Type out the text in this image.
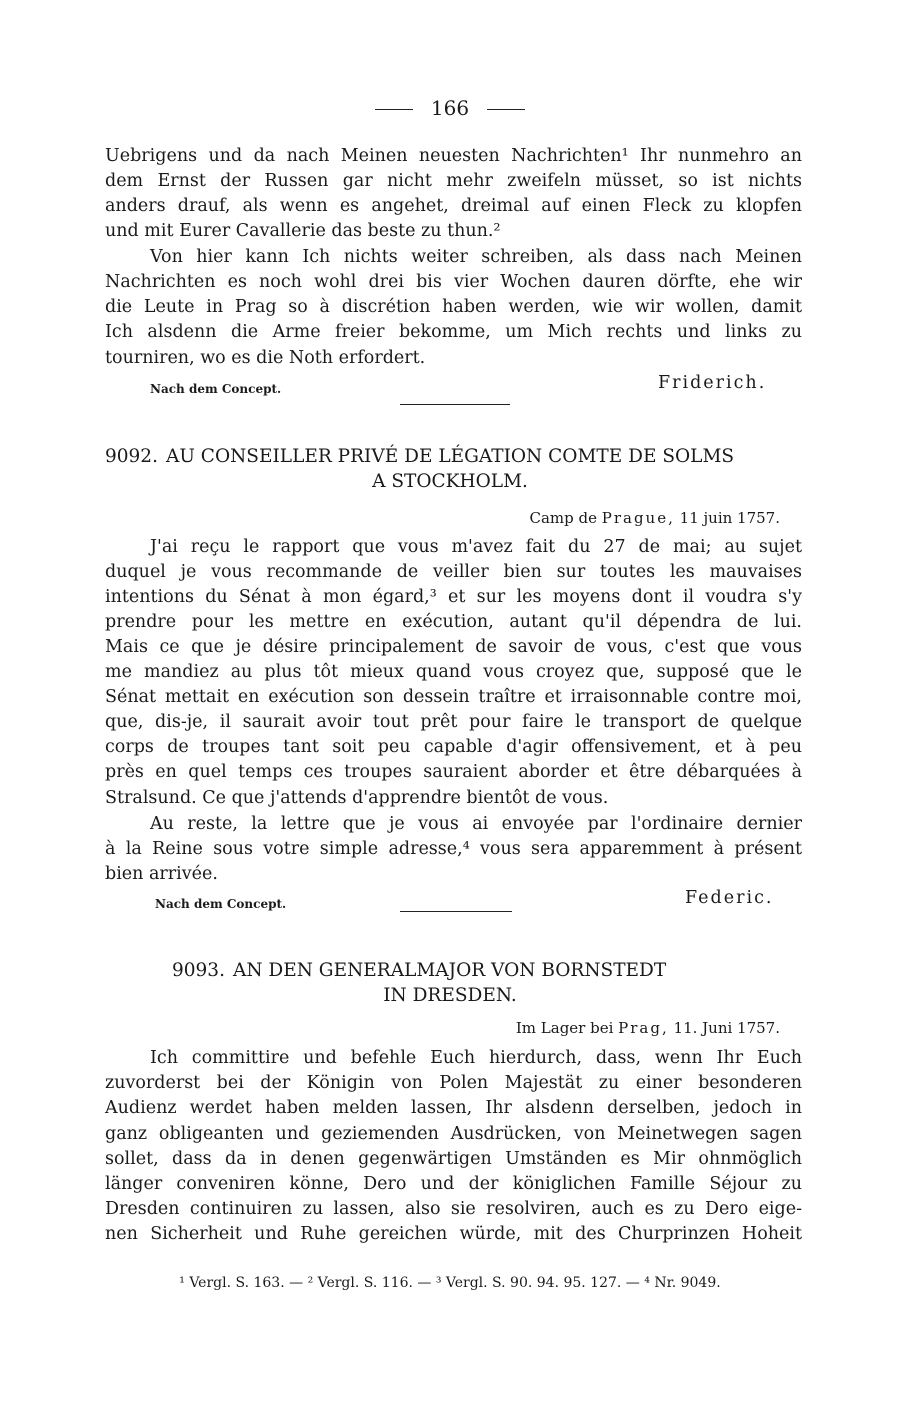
166
Uebrigens und da nach Meinen neuesten Nachrichten¹ Ihr nunmehro an
dem Ernst der Russen gar nicht mehr zweifeln müsset, so ist nichts
anders drauf, als wenn es angehet, dreimal auf einen Fleck zu klopfen
und mit Eurer Cavallerie das beste zu thun.²
Von hier kann Ich nichts weiter schreiben, als dass nach Meinen
Nachrichten es noch wohl drei bis vier Wochen dauren dörfte, ehe wir
die Leute in Prag so à discrétion haben werden, wie wir wollen, damit
Ich alsdenn die Arme freier bekomme, um Mich rechts und links zu
tourniren, wo es die Noth erfordert.
Nach dem Concept.	Friderich.
9092. AU CONSEILLER PRIVÉ DE LÉGATION COMTE DE SOLMS
A STOCKHOLM.
Camp de Prague, 11 juin 1757.
J'ai reçu le rapport que vous m'avez fait du 27 de mai; au sujet
duquel je vous recommande de veiller bien sur toutes les mauvaises
intentions du Sénat à mon égard,³ et sur les moyens dont il voudra s'y
prendre pour les mettre en exécution, autant qu'il dépendra de lui.
Mais ce que je désire principalement de savoir de vous, c'est que vous
me mandiez au plus tôt mieux quand vous croyez que, supposé que le
Sénat mettait en exécution son dessein traître et irraisonnable contre moi,
que, dis-je, il saurait avoir tout prêt pour faire le transport de quelque
corps de troupes tant soit peu capable d'agir offensivement, et à peu
près en quel temps ces troupes sauraient aborder et être débarquées à
Stralsund. Ce que j'attends d'apprendre bientôt de vous.
Au reste, la lettre que je vous ai envoyée par l'ordinaire dernier
à la Reine sous votre simple adresse,⁴ vous sera apparemment à présent
bien arrivée.
Nach dem Concept.	Federic.
9093. AN DEN GENERALMAJOR VON BORNSTEDT
IN DRESDEN.
Im Lager bei Prag, 11. Juni 1757.
Ich committire und befehle Euch hierdurch, dass, wenn Ihr Euch
zuvorderst bei der Königin von Polen Majestät zu einer besonderen
Audienz werdet haben melden lassen, Ihr alsdenn derselben, jedoch in
ganz obligeanten und geziemenden Ausdrücken, von Meinetwegen sagen
sollet, dass da in denen gegenwärtigen Umständen es Mir ohnmöglich
länger conveniren könne, Dero und der königlichen Famille Séjour zu
Dresden continuiren zu lassen, also sie resolviren, auch es zu Dero eige-
nen Sicherheit und Ruhe gereichen würde, mit des Churprinzen Hoheit
¹ Vergl. S. 163. — ² Vergl. S. 116. — ³ Vergl. S. 90. 94. 95. 127. — ⁴ Nr. 9049.
